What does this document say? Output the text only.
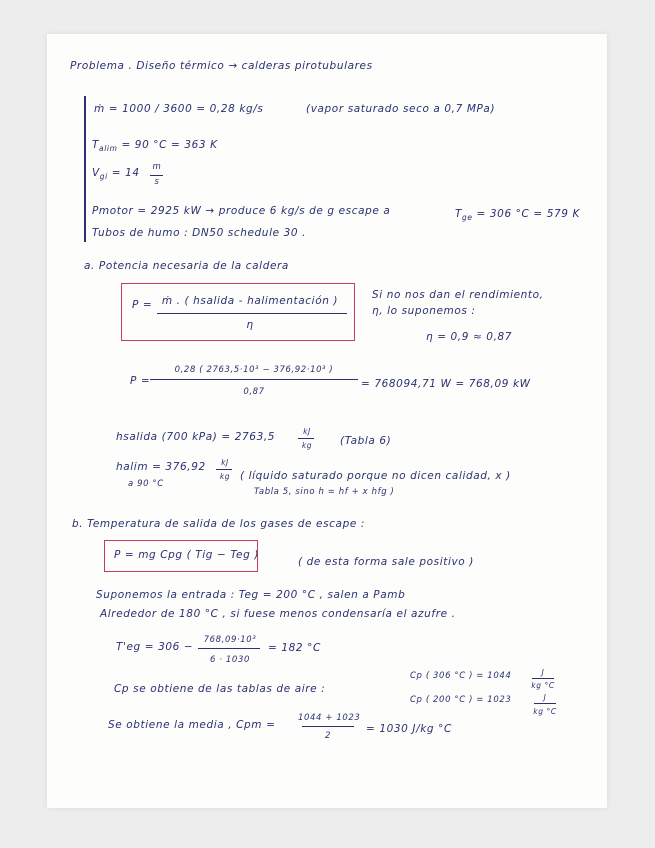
Problema . Diseño térmico → calderas pirotubulares
ṁ = 1000 / 3600 = 0,28 kg/s	(vapor saturado seco a 0,7 MPa)
$T_{alim} = 90$ °C = 363 K
$V_{gi} = 14$ m
s
Pmotor = 2925 kW → produce 6 kg/s de g escape a	$T_{ge} = 306$ °C = 579 K
Tubos de humo : DN50 schedule 30 .
a. Potencia necesaria de la caldera
P = ṁ . ( hsalida - halimentación )
η
Si no nos dan el rendimiento,
η, lo suponemos :
η = 0,9 ≈ 0,87
P =
0,28 ( 2763,5·10³ − 376,92·10³ )
0,87
= 768094,71 W = 768,09 kW
hsalida (700 kPa) = 2763,5	kJ
kg	(Tabla 6)
halim = 376,92	kJ
kg ( líquido saturado porque no dicen calidad, x )
a 90 °C
Tabla 5, sino h = hf + x hfg )
b. Temperatura de salida de los gases de escape :
P = mg Cpg ( Tig − Teg )
( de esta forma sale positivo )
Suponemos la entrada : Teg = 200 °C , salen a Pamb
Alrededor de 180 °C , si fuese menos condensaría el azufre .
T'eg = 306 −
768,09·10³
6 · 1030
= 182 °C
Cp se obtiene de las tablas de aire :
Cp ( 306 °C ) = 1044	J
kg °C
Cp ( 200 °C ) = 1023	J
kg °C
Se obtiene la media , Cpm =
1044 + 1023
2
= 1030 J/kg °C
